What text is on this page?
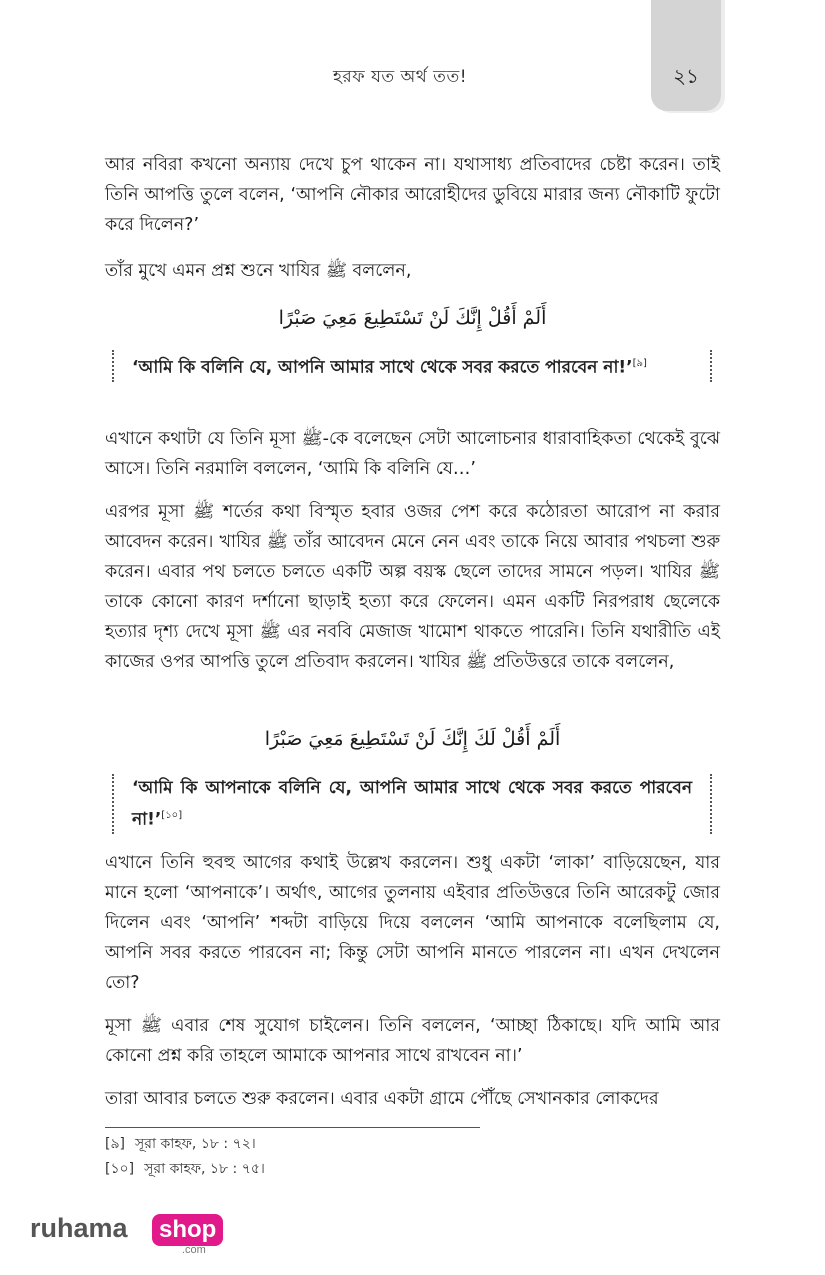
২১
হরফ যত অর্থ তত!

আর নবিরা কখনো অন্যায় দেখে চুপ থাকেন না। যথাসাধ্য প্রতিবাদের চেষ্টা করেন। তাই তিনি আপত্তি তুলে বলেন, ‘আপনি নৌকার আরোহীদের ডুবিয়ে মারার জন্য নৌকাটি ফুটো করে দিলেন?’

তাঁর মুখে এমন প্রশ্ন শুনে খাযির ﷺ বললেন,

أَلَمْ أَقُلْ إِنَّكَ لَنْ تَسْتَطِيعَ مَعِيَ صَبْرًا

‘আমি কি বলিনি যে, আপনি আমার সাথে থেকে সবর করতে পারবেন না!’[৯]

এখানে কথাটা যে তিনি মূসা ﷺ-কে বলেছেন সেটা আলোচনার ধারাবাহিকতা থেকেই বুঝে আসে। তিনি নরমালি বললেন, ‘আমি কি বলিনি যে…’

এরপর মূসা ﷺ শর্তের কথা বিস্মৃত হবার ওজর পেশ করে কঠোরতা আরোপ না করার আবেদন করেন। খাযির ﷺ তাঁর আবেদন মেনে নেন এবং তাকে নিয়ে আবার পথচলা শুরু করেন। এবার পথ চলতে চলতে একটি অল্প বয়স্ক ছেলে তাদের সামনে পড়ল। খাযির ﷺ তাকে কোনো কারণ দর্শানো ছাড়াই হত্যা করে ফেলেন। এমন একটি নিরপরাধ ছেলেকে হত্যার দৃশ্য দেখে মূসা ﷺ এর নববি মেজাজ খামোশ থাকতে পারেনি। তিনি যথারীতি এই কাজের ওপর আপত্তি তুলে প্রতিবাদ করলেন। খাযির ﷺ প্রতিউত্তরে তাকে বললেন,

أَلَمْ أَقُلْ لَكَ إِنَّكَ لَنْ تَسْتَطِيعَ مَعِيَ صَبْرًا

‘আমি কি আপনাকে বলিনি যে, আপনি আমার সাথে থেকে সবর করতে পারবেন না!’[১০]

এখানে তিনি হুবহু আগের কথাই উল্লেখ করলেন। শুধু একটা ‘লাকা’ বাড়িয়েছেন, যার মানে হলো ‘আপনাকে’। অর্থাৎ, আগের তুলনায় এইবার প্রতিউত্তরে তিনি আরেকটু জোর দিলেন এবং ‘আপনি’ শব্দটা বাড়িয়ে দিয়ে বললেন ‘আমি আপনাকে বলেছিলাম যে, আপনি সবর করতে পারবেন না; কিন্তু সেটা আপনি মানতে পারলেন না। এখন দেখলেন তো?

মূসা ﷺ এবার শেষ সুযোগ চাইলেন। তিনি বললেন, ‘আচ্ছা ঠিকাছে। যদি আমি আর কোনো প্রশ্ন করি তাহলে আমাকে আপনার সাথে রাখবেন না।’

তারা আবার চলতে শুরু করলেন। এবার একটা গ্রামে পৌঁছে সেখানকার লোকদের

[৯] সূরা কাহফ, ১৮ : ৭২।
[১০] সূরা কাহফ, ১৮ : ৭৫।
ruhama shop
.com
